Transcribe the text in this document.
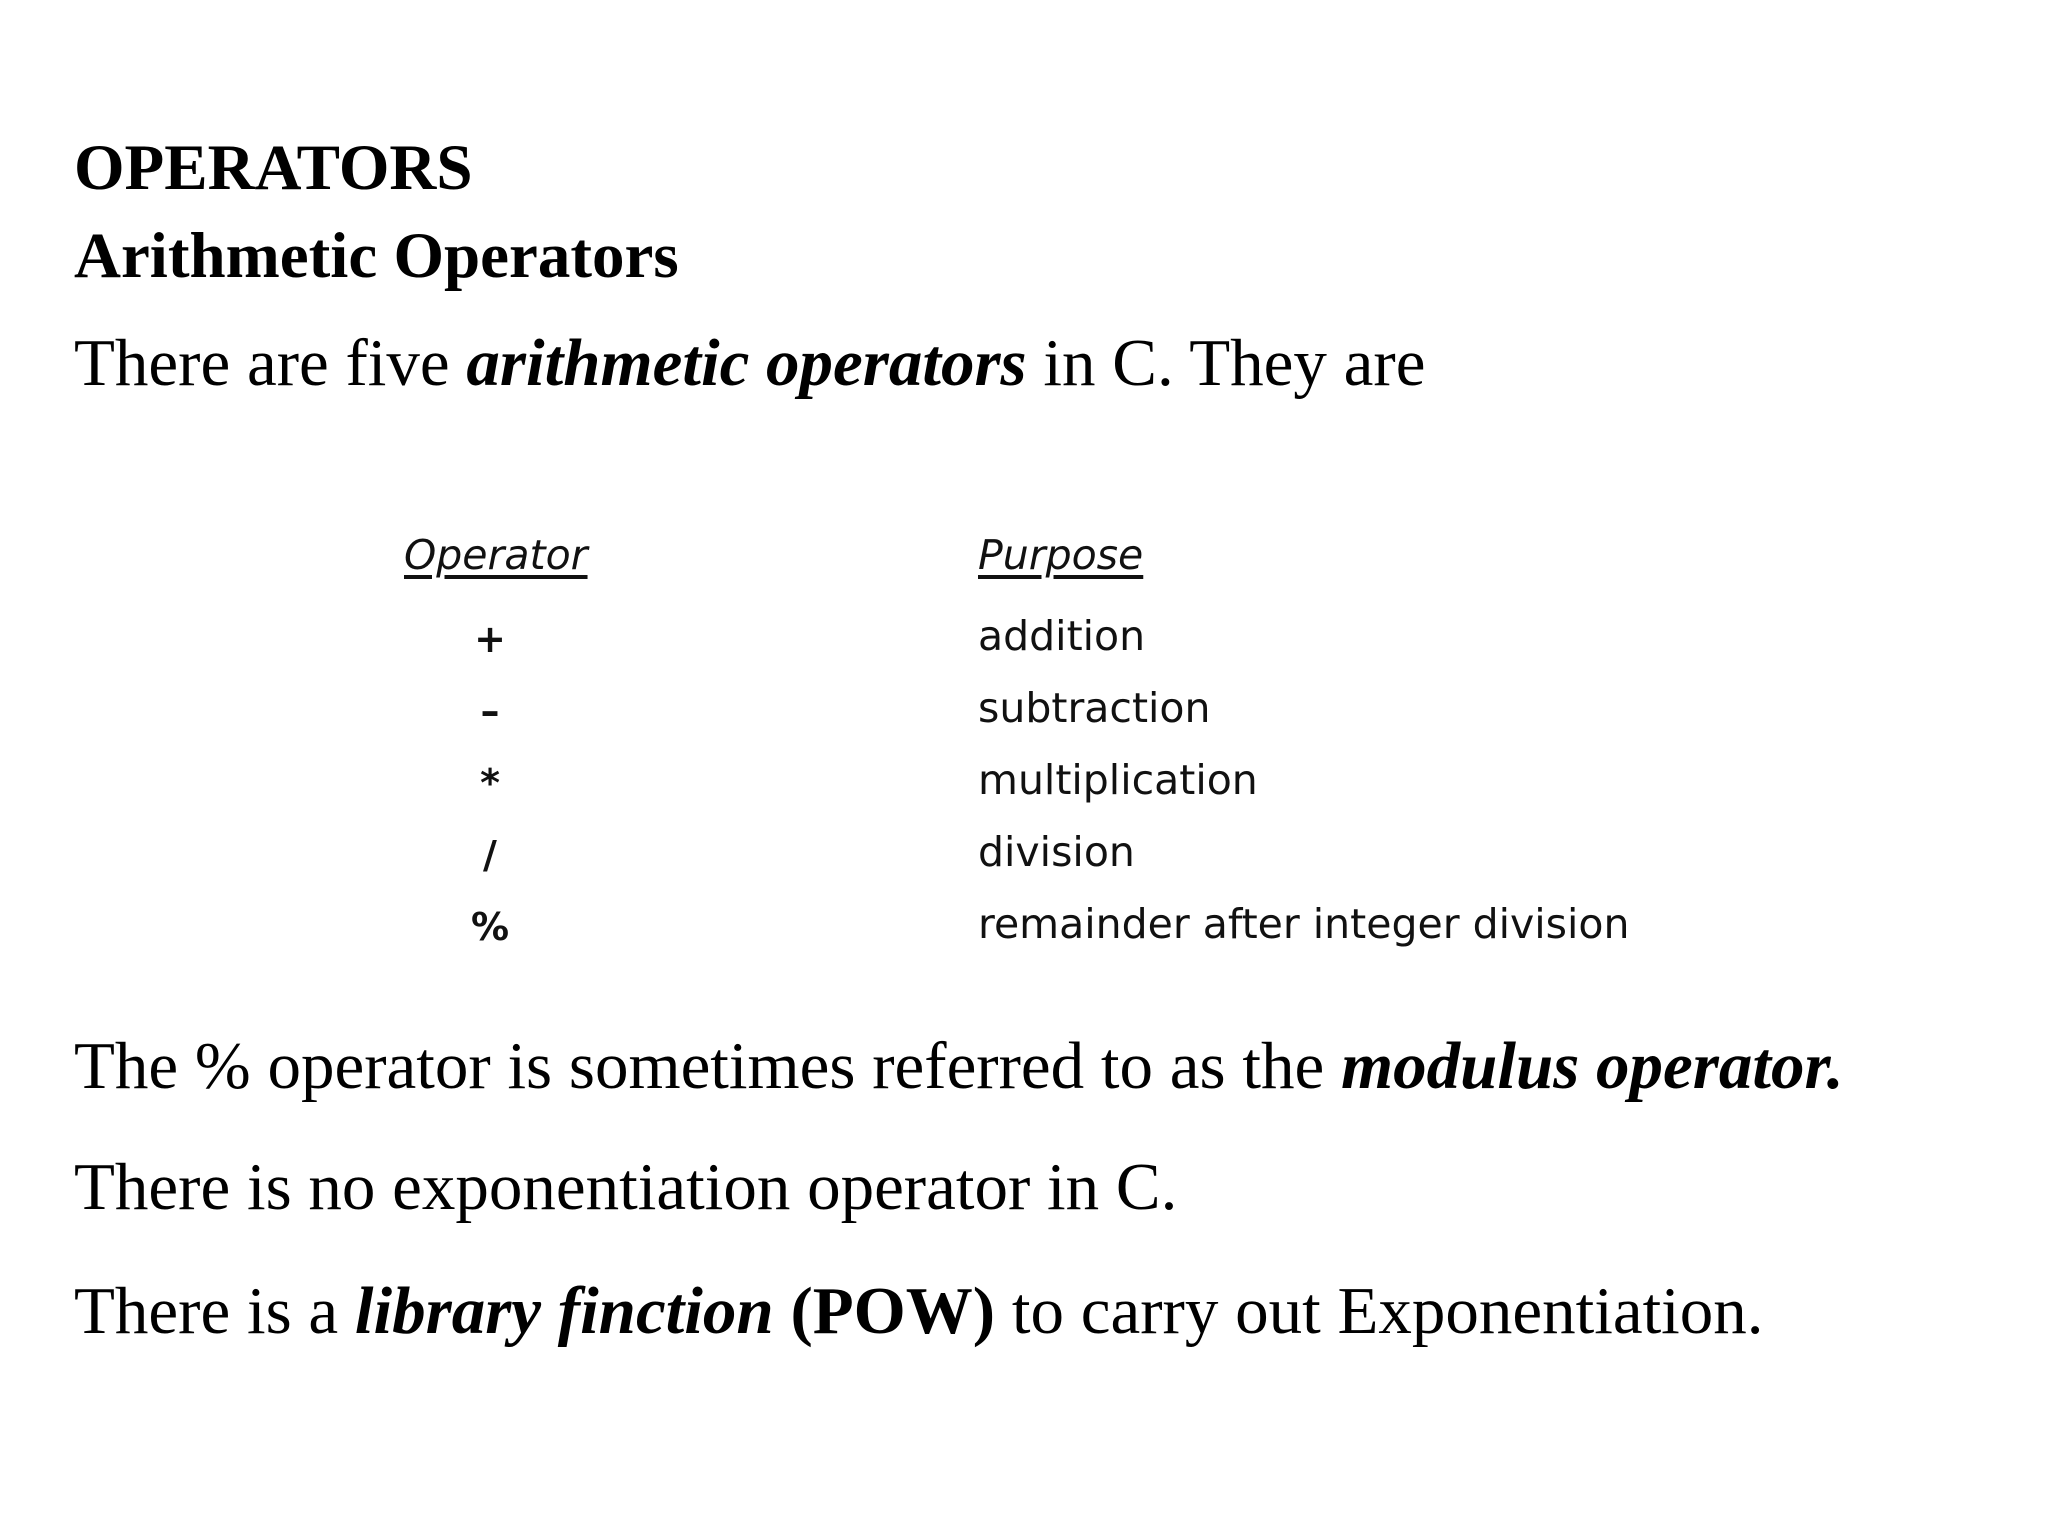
OPERATORS
Arithmetic Operators
There are five arithmetic operators in C. They are
Operator	Purpose
+	addition
–	subtraction
*	multiplication
/	division
%	remainder after integer division
The % operator is sometimes referred to as the modulus operator.
There is no exponentiation operator in C.
There is a library finction (POW) to carry out Exponentiation.
